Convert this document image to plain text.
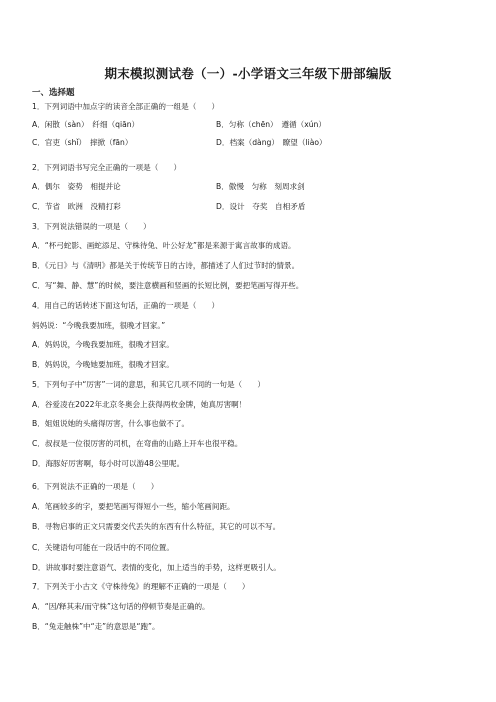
期末模拟测试卷（一）-小学语文三年级下册部编版
一、选择题
1．下列词语中加点字的读音全部正确的一组是（　　）
A．闲散（sàn）　纤细（qiān）	B．匀称（chēn）　遵循（xún）
C．官吏（shǐ）　摔掀（fān）	D．档案（dàng）　瞭望（liào）
2．下列词语书写完全正确的一项是（　　）
A．偶尔　姿势　相提并论	B．傲慢　匀称　刻周求剑
C．节省　欧洲　没精打彩	D．设计　夺奖　自相矛盾
3．下列说法错误的一项是（　　）
A．“杯弓蛇影、画蛇添足、守株待兔、叶公好龙”都是来源于寓言故事的成语。
B．《元日》与《清明》都是关于传统节日的古诗，都描述了人们过节时的情景。
C．写“舞、静、慧”的时候，要注意横画和竖画的长短比例，要把笔画写得开些。
4．用自己的话转述下面这句话，正确的一项是（　　）
妈妈说：“今晚我要加班，很晚才回家。”
A．妈妈说，今晚我要加班，很晚才回家。
B．妈妈说，今晚她要加班，很晚才回家。
5．下列句子中“厉害”一词的意思，和其它几项不同的一句是（　　）
A．谷爱凌在2022年北京冬奥会上获得两枚金牌，她真厉害啊！
B．姐姐说她的头痛得厉害，什么事也做不了。
C．叔叔是一位很厉害的司机，在弯曲的山路上开车也很平稳。
D．海豚好厉害啊，每小时可以游48公里呢。
6．下列说法不正确的一项是（　　）
A．笔画较多的字，要把笔画写得短小一些，缩小笔画间距。
B．寻物启事的正文只需要交代丢失的东西有什么特征，其它的可以不写。
C．关键语句可能在一段话中的不同位置。
D．讲故事时要注意语气、表情的变化，加上适当的手势，这样更吸引人。
7．下列关于小古文《守株待兔》的理解不正确的一项是（　　）
A．“因/释其耒/而守株”这句话的停顿节奏是正确的。
B．“兔走触株”中“走”的意思是“跑”。
